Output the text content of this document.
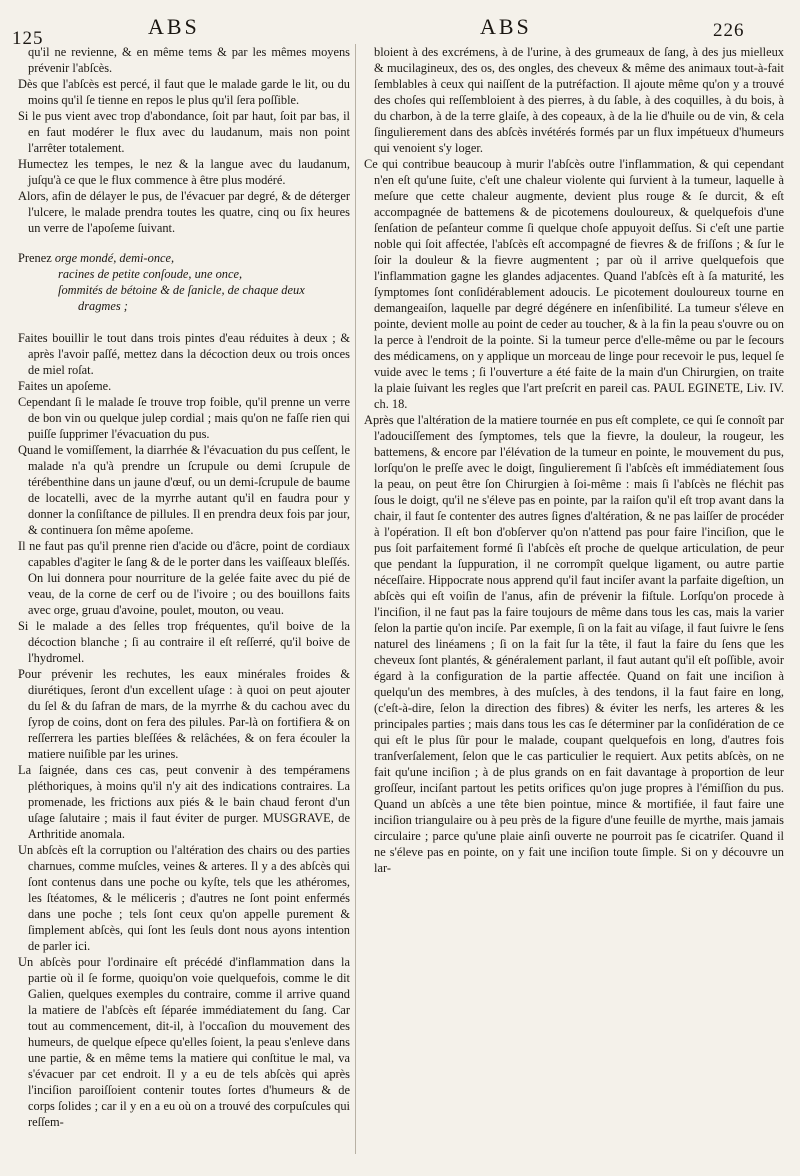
125	ABS	ABS	226

qu'il ne revienne, & en même tems & par les mêmes moyens prévenir l'abſcès.

Dès que l'abſcès est percé, il faut que le malade garde le lit, ou du moins qu'il ſe tienne en repos le plus qu'il ſera poſſible.

Si le pus vient avec trop d'abondance, ſoit par haut, ſoit par bas, il en faut modérer le flux avec du laudanum, mais non point l'arrêter totalement.

Humectez les tempes, le nez & la langue avec du laudanum, juſqu'à ce que le flux commence à être plus modéré.

Alors, afin de délayer le pus, de l'évacuer par degré, & de déterger l'ulcere, le malade prendra toutes les quatre, cinq ou ſix heures un verre de l'apoſeme ſuivant.

Prenez orge mondé, demi-once,
racines de petite conſoude, une once,
ſommités de bétoine & de ſanicle, de chaque deux
dragmes ;

Faites bouillir le tout dans trois pintes d'eau réduites à deux ; & après l'avoir paſſé, mettez dans la décoction deux ou trois onces de miel roſat.

Faites un apoſeme.

Cependant ſi le malade ſe trouve trop foible, qu'il prenne un verre de bon vin ou quelque julep cordial ; mais qu'on ne faſſe rien qui puiſſe ſupprimer l'évacuation du pus.

Quand le vomiſſement, la diarrhée & l'évacuation du pus ceſſent, le malade n'a qu'à prendre un ſcrupule ou demi ſcrupule de térébenthine dans un jaune d'œuf, ou un demi-ſcrupule de baume de locatelli, avec de la myrrhe autant qu'il en faudra pour y donner la conſiſtance de pillules. Il en prendra deux fois par jour, & continuera ſon même apoſeme.

Il ne faut pas qu'il prenne rien d'acide ou d'âcre, point de cordiaux capables d'agiter le ſang & de le porter dans les vaiſſeaux bleſſés. On lui donnera pour nourriture de la gelée faite avec du pié de veau, de la corne de cerf ou de l'ivoire ; ou des bouillons faits avec orge, gruau d'avoine, poulet, mouton, ou veau.

Si le malade a des ſelles trop fréquentes, qu'il boive de la décoction blanche ; ſi au contraire il eſt reſſerré, qu'il boive de l'hydromel.

Pour prévenir les rechutes, les eaux minérales froides & diurétiques, ſeront d'un excellent uſage : à quoi on peut ajouter du ſel & du ſafran de mars, de la myrrhe & du cachou avec du ſyrop de coins, dont on fera des pilules. Par-là on fortifiera & on reſſerrera les parties bleſſées & relâchées, & on fera écouler la matiere nuiſible par les urines.

La ſaignée, dans ces cas, peut convenir à des tempéramens pléthoriques, à moins qu'il n'y ait des indications contraires. La promenade, les frictions aux piés & le bain chaud feront d'un uſage ſalutaire ; mais il faut éviter de purger. MUSGRAVE, de Arthritide anomala.

Un abſcès eſt la corruption ou l'altération des chairs ou des parties charnues, comme muſcles, veines & arteres. Il y a des abſcès qui ſont contenus dans une poche ou kyſte, tels que les athéromes, les ſtéatomes, & le méliceris ; d'autres ne ſont point enfermés dans une poche ; tels ſont ceux qu'on appelle purement & ſimplement abſcès, qui ſont les ſeuls dont nous ayons intention de parler ici.

Un abſcès pour l'ordinaire eſt précédé d'inflammation dans la partie où il ſe forme, quoiqu'on voie quelquefois, comme le dit Galien, quelques exemples du contraire, comme il arrive quand la matiere de l'abſcès eſt ſéparée immédiatement du ſang. Car tout au commencement, dit-il, à l'occaſion du mouvement des humeurs, de quelque eſpece qu'elles ſoient, la peau s'enleve dans une partie, & en même tems la matiere qui conſtitue le mal, va s'évacuer par cet endroit. Il y a eu de tels abſcès qui après l'inciſion paroiſſoient contenir toutes ſortes d'humeurs & de corps ſolides ; car il y en a eu où on a trouvé des corpuſcules qui reſſem-

bloient à des excrémens, à de l'urine, à des grumeaux de ſang, à des jus mielleux & mucilagineux, des os, des ongles, des cheveux & même des animaux tout-à-fait ſemblables à ceux qui naiſſent de la putréfaction. Il ajoute même qu'on y a trouvé des choſes qui reſſembloient à des pierres, à du ſable, à des coquilles, à du bois, à du charbon, à de la terre glaiſe, à des copeaux, à de la lie d'huile ou de vin, & cela ſingulierement dans des abſcès invétérés formés par un flux impétueux d'humeurs qui venoient s'y loger.

Ce qui contribue beaucoup à murir l'abſcès outre l'inflammation, & qui cependant n'en eſt qu'une ſuite, c'eſt une chaleur violente qui ſurvient à la tumeur, laquelle à meſure que cette chaleur augmente, devient plus rouge & ſe durcit, & eſt accompagnée de battemens & de picotemens douloureux, & quelquefois d'une ſenſation de peſanteur comme ſi quelque choſe appuyoit deſſus. Si c'eſt une partie noble qui ſoit affectée, l'abſcès eſt accompagné de fievres & de friſſons ; & ſur le ſoir la douleur & la fievre augmentent ; par où il arrive quelquefois que l'inflammation gagne les glandes adjacentes. Quand l'abſcès eſt à ſa maturité, les ſymptomes ſont conſidérablement adoucis. Le picotement douloureux tourne en demangeaiſon, laquelle par degré dégénere en inſenſibilité. La tumeur s'éleve en pointe, devient molle au point de ceder au toucher, & à la fin la peau s'ouvre ou on la perce à l'endroit de la pointe. Si la tumeur perce d'elle-même ou par le ſecours des médicamens, on y applique un morceau de linge pour recevoir le pus, lequel ſe vuide avec le tems ; ſi l'ouverture a été faite de la main d'un Chirurgien, on traite la plaie ſuivant les regles que l'art preſcrit en pareil cas. PAUL EGINETE, Liv. IV. ch. 18.

Après que l'altération de la matiere tournée en pus eſt complete, ce qui ſe connoît par l'adouciſſement des ſymptomes, tels que la fievre, la douleur, la rougeur, les battemens, & encore par l'élévation de la tumeur en pointe, le mouvement du pus, lorſqu'on le preſſe avec le doigt, ſingulierement ſi l'abſcès eſt immédiatement ſous la peau, on peut être ſon Chirurgien à ſoi-même : mais ſi l'abſcès ne fléchit pas ſous le doigt, qu'il ne s'éleve pas en pointe, par la raiſon qu'il eſt trop avant dans la chair, il faut ſe contenter des autres ſignes d'altération, & ne pas laiſſer de procéder à l'opération. Il eſt bon d'obſerver qu'on n'attend pas pour faire l'inciſion, que le pus ſoit parfaitement formé ſi l'abſcès eſt proche de quelque articulation, de peur que pendant la ſuppuration, il ne corrompît quelque ligament, ou autre partie néceſſaire. Hippocrate nous apprend qu'il faut inciſer avant la parfaite digeſtion, un abſcès qui eſt voiſin de l'anus, afin de prévenir la fiſtule. Lorſqu'on procede à l'inciſion, il ne faut pas la faire toujours de même dans tous les cas, mais la varier ſelon la partie qu'on inciſe. Par exemple, ſi on la fait au viſage, il faut ſuivre le ſens naturel des linéamens ; ſi on la fait ſur la tête, il faut la faire du ſens que les cheveux ſont plantés, & généralement parlant, il faut autant qu'il eſt poſſible, avoir égard à la configuration de la partie affectée. Quand on fait une inciſion à quelqu'un des membres, à des muſcles, à des tendons, il la faut faire en long, (c'eſt-à-dire, ſelon la direction des fibres) & éviter les nerfs, les arteres & les principales parties ; mais dans tous les cas ſe déterminer par la conſidération de ce qui eſt le plus ſûr pour le malade, coupant quelquefois en long, d'autres fois tranſverſalement, ſelon que le cas particulier le requiert. Aux petits abſcès, on ne fait qu'une inciſion ; à de plus grands on en fait davantage à proportion de leur groſſeur, inciſant partout les petits orifices qu'on juge propres à l'émiſſion du pus. Quand un abſcès a une tête bien pointue, mince & mortifiée, il faut faire une inciſion triangulaire ou à peu près de la figure d'une feuille de myrthe, mais jamais circulaire ; parce qu'une plaie ainſi ouverte ne pourroit pas ſe cicatriſer. Quand il ne s'éleve pas en pointe, on y fait une inciſion toute ſimple. Si on y découvre un lar-
